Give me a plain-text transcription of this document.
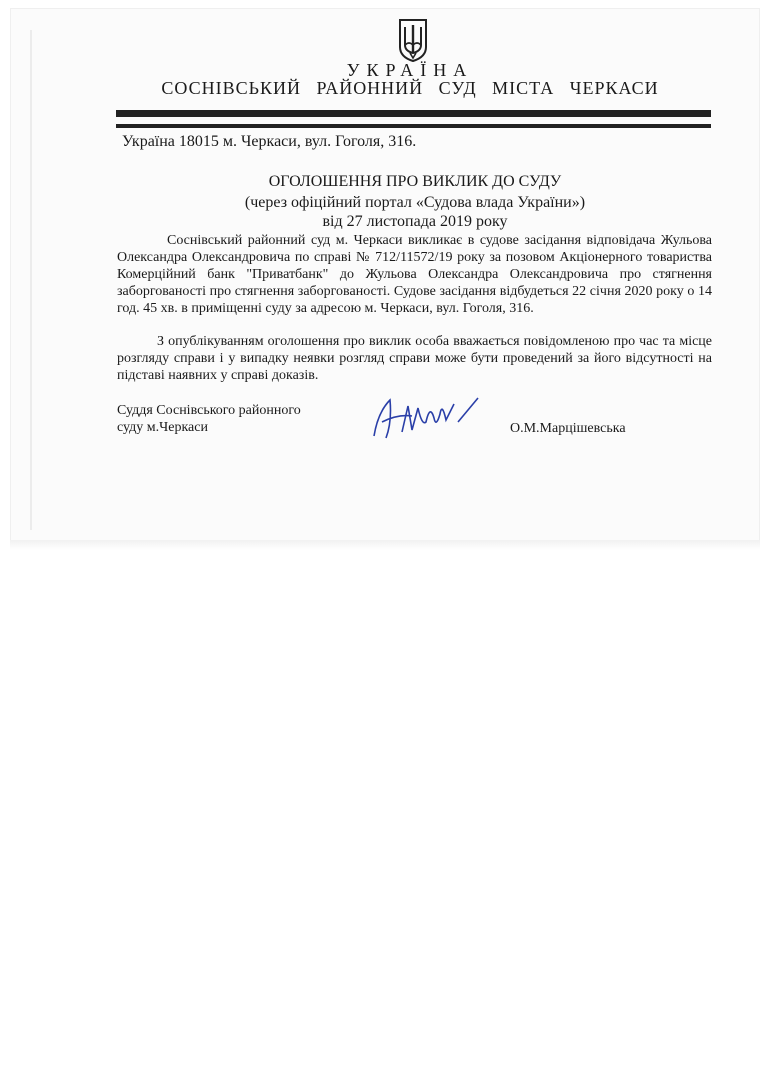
УКРАЇНА
СОСНІВСЬКИЙ РАЙОННИЙ СУД МІСТА ЧЕРКАСИ
Україна 18015 м. Черкаси, вул. Гоголя, 316.
ОГОЛОШЕННЯ ПРО ВИКЛИК ДО СУДУ
(через офіційний портал «Судова влада України»)
від 27 листопада 2019 року

Соснівський районний суд м. Черкаси викликає в судове засідання відповідача Жульова Олександра Олександровича по справі № 712/11572/19 року за позовом Акціонерного товариства Комерційний банк "Приватбанк" до Жульова Олександра Олександровича про стягнення заборгованості про стягнення заборгованості. Судове засідання відбудеться 22 січня 2020 року о 14 год. 45 хв. в приміщенні суду за адресою м. Черкаси, вул. Гоголя, 316.

З опублікуванням оголошення про виклик особа вважається повідомленою про час та місце розгляду справи і у випадку неявки розгляд справи може бути проведений за його відсутності на підставі наявних у справі доказів.

Суддя Соснівського районного
суду м.Черкаси	О.М.Марцішевська
